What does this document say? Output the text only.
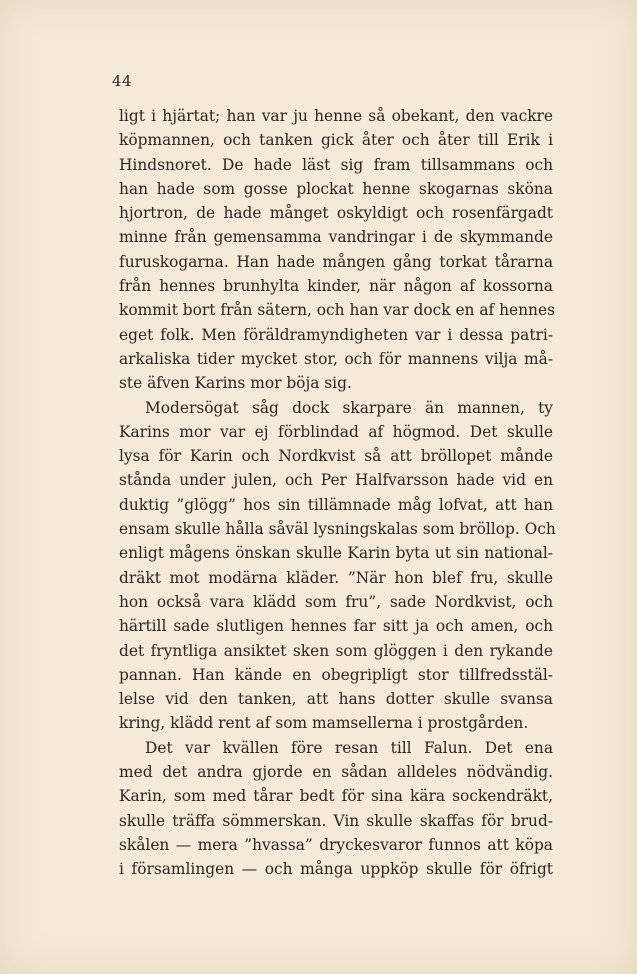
44
ligt i hjärtat; han var ju henne så obekant, den vackre
köpmannen, och tanken gick åter och åter till Erik i
Hindsnoret. De hade läst sig fram tillsammans och
han hade som gosse plockat henne skogarnas sköna
hjortron, de hade månget oskyldigt och rosenfärgadt
minne från gemensamma vandringar i de skymmande
furuskogarna. Han hade mången gång torkat tårarna
från hennes brunhylta kinder, när någon af kossorna
kommit bort från sätern, och han var dock en af hennes
eget folk. Men föräldramyndigheten var i dessa patri-
arkaliska tider mycket stor, och för mannens vilja må-
ste äfven Karins mor böja sig.
Modersögat såg dock skarpare än mannen, ty
Karins mor var ej förblindad af högmod. Det skulle
lysa för Karin och Nordkvist så att bröllopet månde
stånda under julen, och Per Halfvarsson hade vid en
duktig ”glögg” hos sin tillämnade måg lofvat, att han
ensam skulle hålla såväl lysningskalas som bröllop. Och
enligt mågens önskan skulle Karin byta ut sin national-
dräkt mot modärna kläder. ”När hon blef fru, skulle
hon också vara klädd som fru”, sade Nordkvist, och
härtill sade slutligen hennes far sitt ja och amen, och
det fryntliga ansiktet sken som glöggen i den rykande
pannan. Han kände en obegripligt stor tillfredsstäl-
lelse vid den tanken, att hans dotter skulle svansa
kring, klädd rent af som mamsellerna i prostgården.
Det var kvällen före resan till Falun. Det ena
med det andra gjorde en sådan alldeles nödvändig.
Karin, som med tårar bedt för sina kära sockendräkt,
skulle träffa sömmerskan. Vin skulle skaffas för brud-
skålen — mera ”hvassa” dryckesvaror funnos att köpa
i församlingen — och många uppköp skulle för öfrigt
